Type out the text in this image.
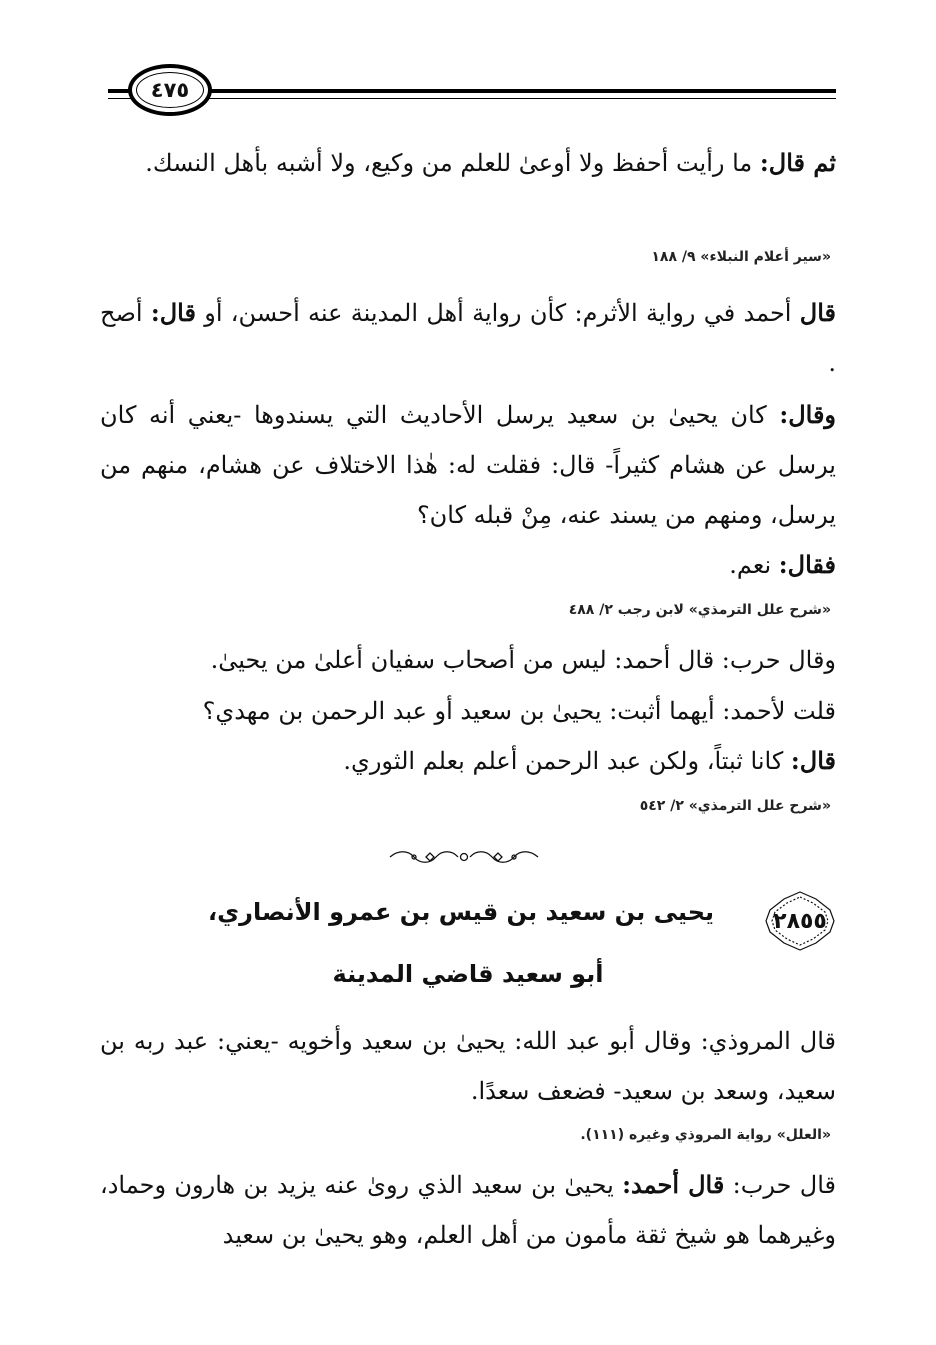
٤٧٥
ثم قال: ما رأيت أحفظ ولا أوعىٰ للعلم من وكيع، ولا أشبه بأهل النسك.
«سير أعلام النبلاء» ٩/ ١٨٨
قال أحمد في رواية الأثرم: كأن رواية أهل المدينة عنه أحسن، أو قال: أصح .
وقال: كان يحيىٰ بن سعيد يرسل الأحاديث التي يسندوها -يعني أنه كان يرسل عن هشام كثيراً- قال: فقلت له: هٰذا الاختلاف عن هشام، منهم من يرسل، ومنهم من يسند عنه، مِنْ قبله كان؟
فقال: نعم.
«شرح علل الترمذي» لابن رجب ٢/ ٤٨٨
وقال حرب: قال أحمد: ليس من أصحاب سفيان أعلىٰ من يحيىٰ.
قلت لأحمد: أيهما أثبت: يحيىٰ بن سعيد أو عبد الرحمن بن مهدي؟
قال: كانا ثبتاً، ولكن عبد الرحمن أعلم بعلم الثوري.
«شرح علل الترمذي» ٢/ ٥٤٢
٢٨٥٥
يحيى بن سعيد بن قيس بن عمرو الأنصاري،
أبو سعيد قاضي المدينة
قال المروذي: وقال أبو عبد الله: يحيىٰ بن سعيد وأخويه -يعني: عبد ربه بن سعيد، وسعد بن سعيد- فضعف سعدًا.
«العلل» رواية المروذي وغيره (١١١).
قال حرب: قال أحمد: يحيىٰ بن سعيد الذي روىٰ عنه يزيد بن هارون وحماد، وغيرهما هو شيخ ثقة مأمون من أهل العلم، وهو يحيىٰ بن سعيد
